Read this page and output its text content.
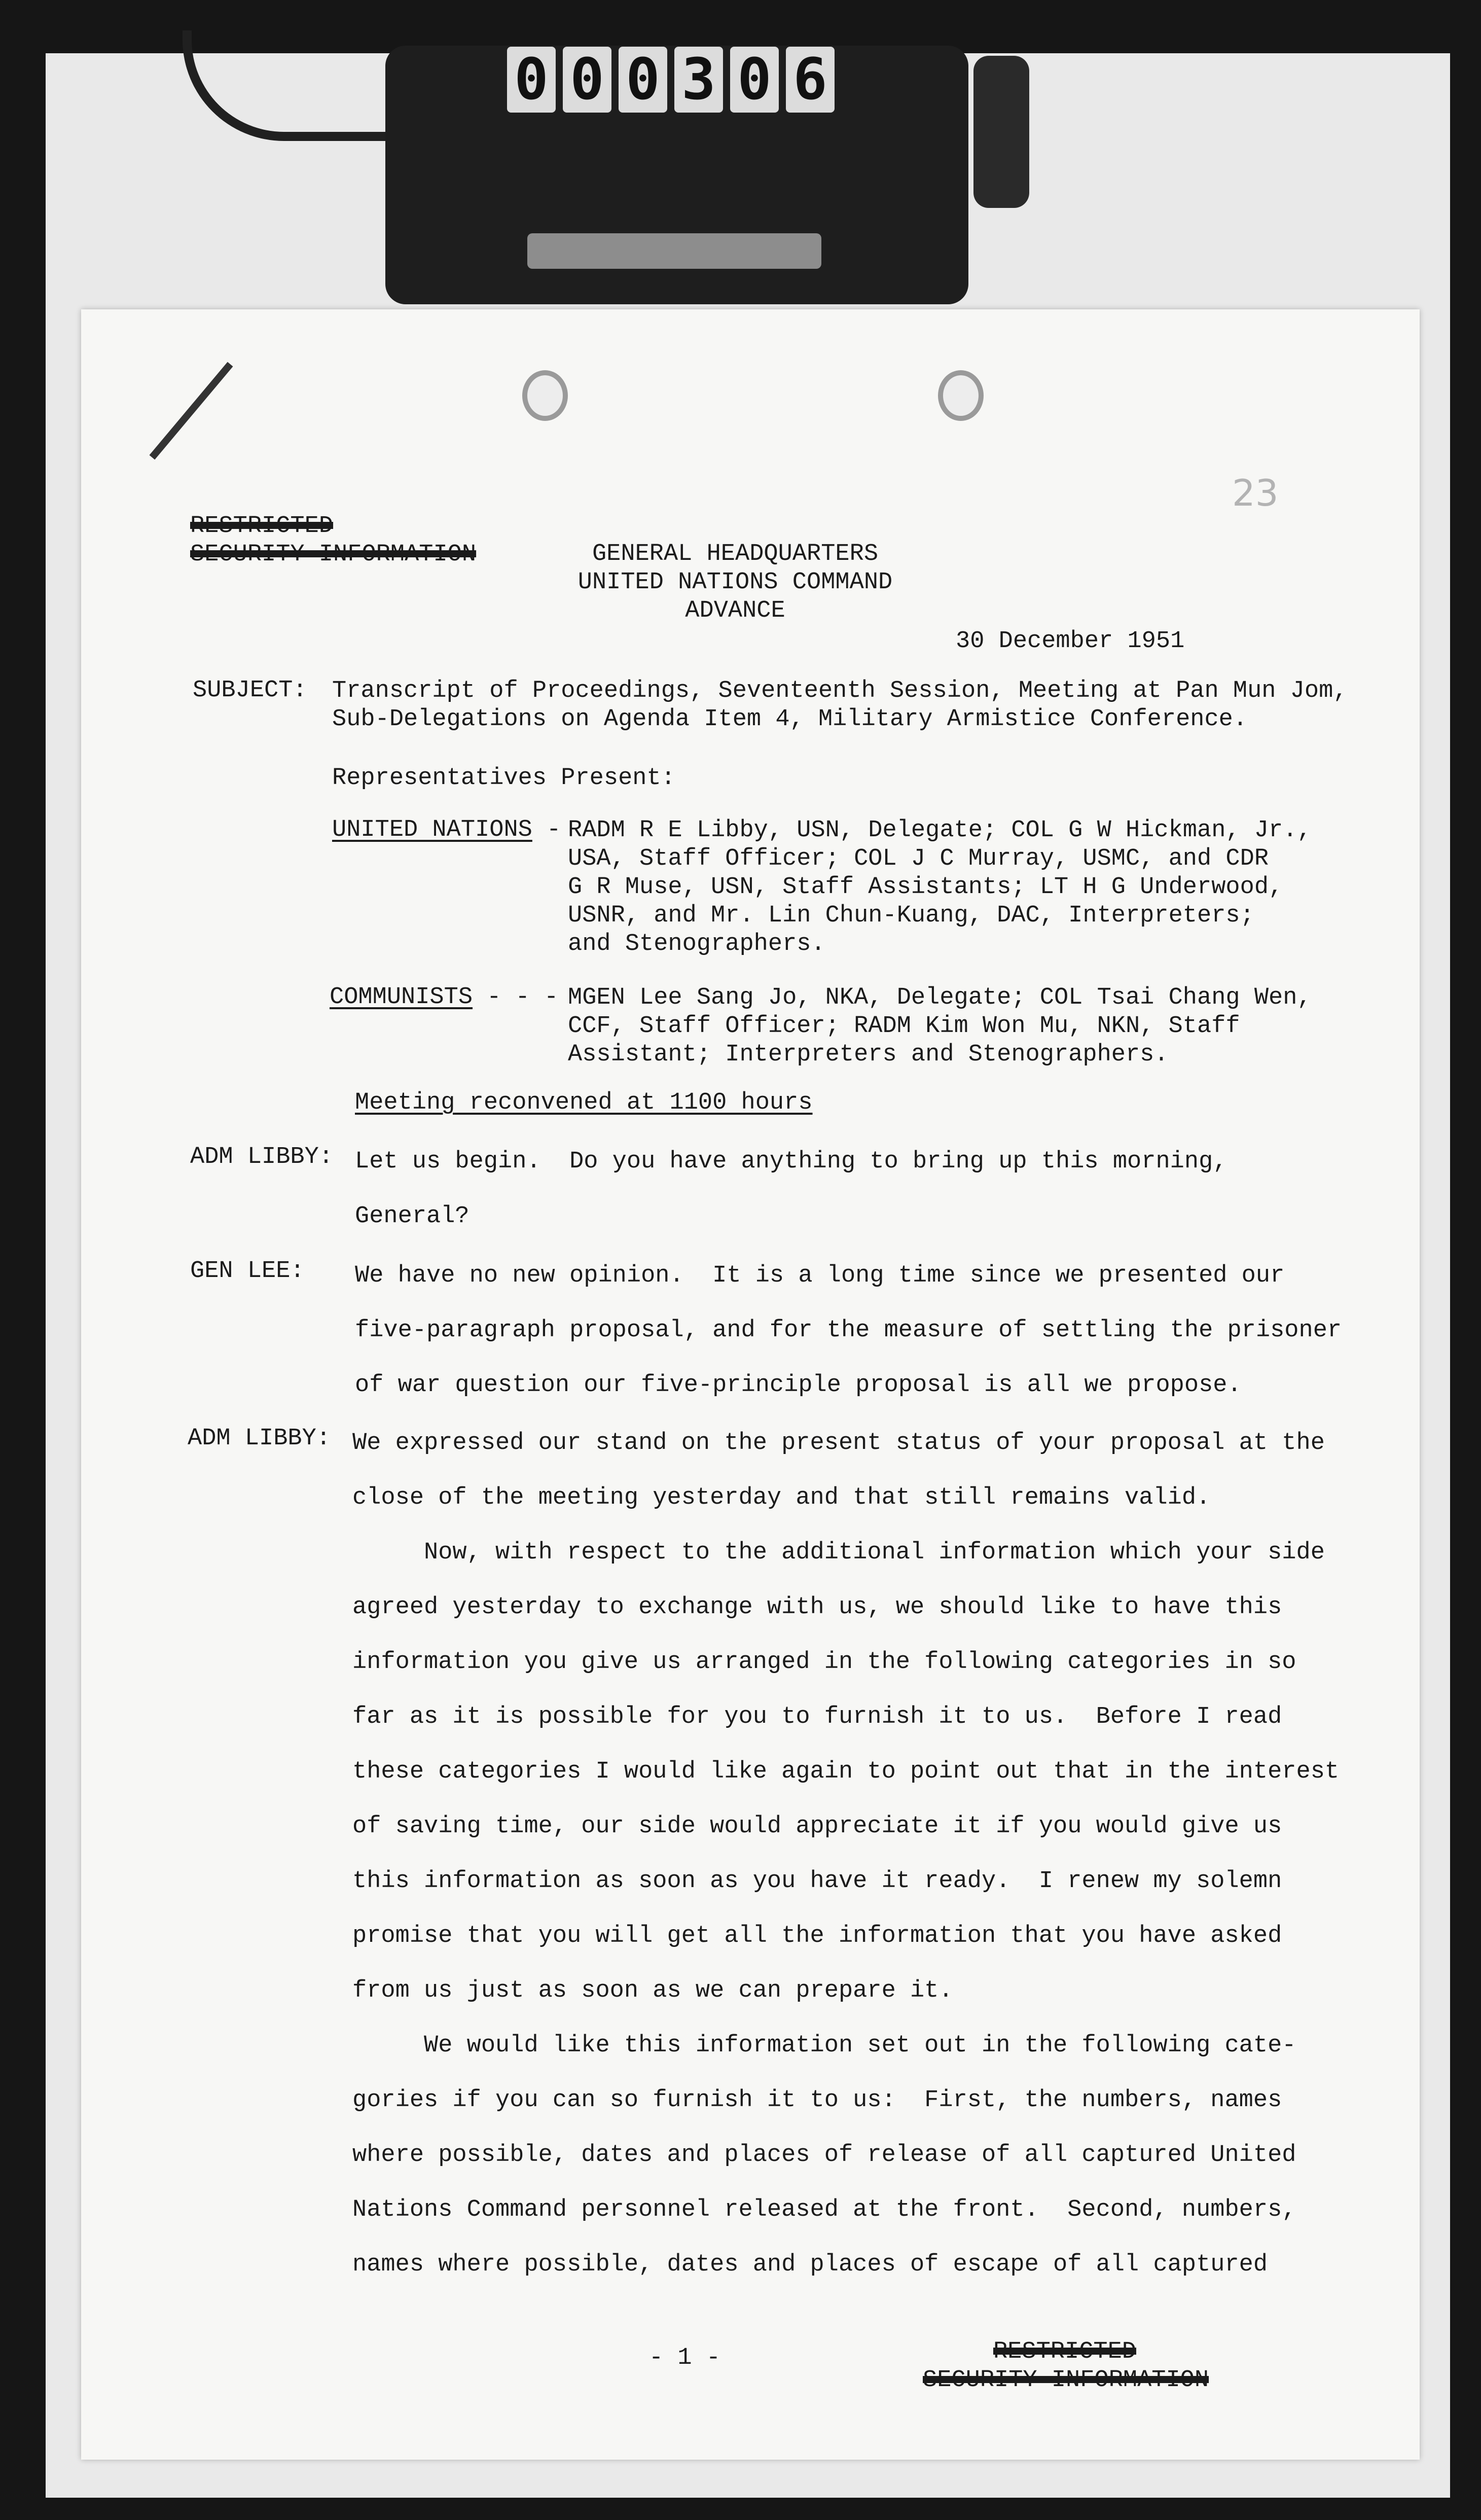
0 0 0 3 0 6
23
RESTRICTED
SECURITY INFORMATION	GENERAL HEADQUARTERS
UNITED NATIONS COMMAND
ADVANCE
30 December 1951
SUBJECT: Transcript of Proceedings, Seventeenth Session, Meeting at Pan Mun Jom,
Sub-Delegations on Agenda Item 4, Military Armistice Conference.
Representatives Present:
UNITED NATIONS - RADM R E Libby, USN, Delegate; COL G W Hickman, Jr.,
USA, Staff Officer; COL J C Murray, USMC, and CDR
G R Muse, USN, Staff Assistants; LT H G Underwood,
USNR, and Mr. Lin Chun-Kuang, DAC, Interpreters;
and Stenographers.
COMMUNISTS - - - MGEN Lee Sang Jo, NKA, Delegate; COL Tsai Chang Wen,
CCF, Staff Officer; RADM Kim Won Mu, NKN, Staff
Assistant; Interpreters and Stenographers.
Meeting reconvened at 1100 hours
ADM LIBBY: Let us begin.  Do you have anything to bring up this morning,
General?
GEN LEE: We have no new opinion.  It is a long time since we presented our
five-paragraph proposal, and for the measure of settling the prisoner
of war question our five-principle proposal is all we propose.
ADM LIBBY: We expressed our stand on the present status of your proposal at the
close of the meeting yesterday and that still remains valid.
Now, with respect to the additional information which your side
agreed yesterday to exchange with us, we should like to have this
information you give us arranged in the following categories in so
far as it is possible for you to furnish it to us.  Before I read
these categories I would like again to point out that in the interest
of saving time, our side would appreciate it if you would give us
this information as soon as you have it ready.  I renew my solemn
promise that you will get all the information that you have asked
from us just as soon as we can prepare it.
We would like this information set out in the following cate-
gories if you can so furnish it to us:  First, the numbers, names
where possible, dates and places of release of all captured United
Nations Command personnel released at the front.  Second, numbers,
names where possible, dates and places of escape of all captured
- 1 -	RESTRICTED
SECURITY INFORMATION
